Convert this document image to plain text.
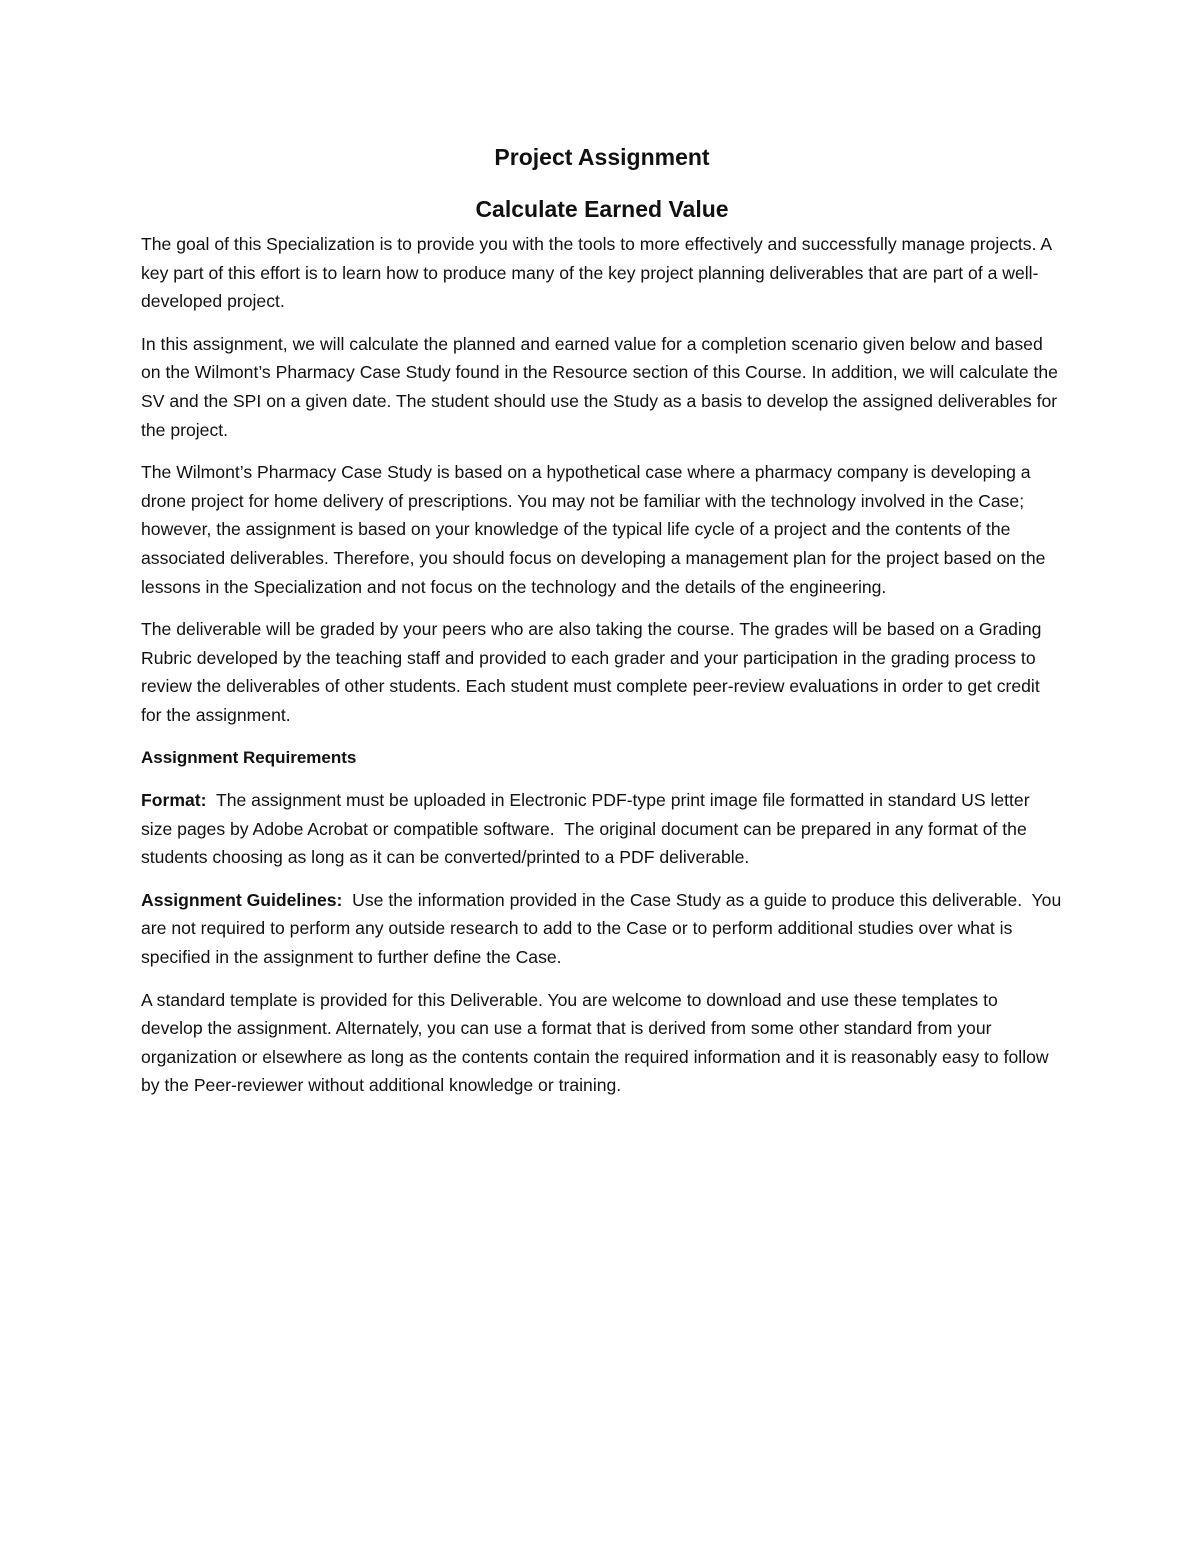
Project Assignment
Calculate Earned Value

The goal of this Specialization is to provide you with the tools to more effectively and successfully manage projects. A key part of this effort is to learn how to produce many of the key project planning deliverables that are part of a well-developed project.

In this assignment, we will calculate the planned and earned value for a completion scenario given below and based on the Wilmont’s Pharmacy Case Study found in the Resource section of this Course. In addition, we will calculate the SV and the SPI on a given date. The student should use the Study as a basis to develop the assigned deliverables for the project.

The Wilmont’s Pharmacy Case Study is based on a hypothetical case where a pharmacy company is developing a drone project for home delivery of prescriptions. You may not be familiar with the technology involved in the Case; however, the assignment is based on your knowledge of the typical life cycle of a project and the contents of the associated deliverables. Therefore, you should focus on developing a management plan for the project based on the lessons in the Specialization and not focus on the technology and the details of the engineering.

The deliverable will be graded by your peers who are also taking the course. The grades will be based on a Grading Rubric developed by the teaching staff and provided to each grader and your participation in the grading process to review the deliverables of other students. Each student must complete peer-review evaluations in order to get credit for the assignment.

Assignment Requirements

Format:  The assignment must be uploaded in Electronic PDF-type print image file formatted in standard US letter size pages by Adobe Acrobat or compatible software.  The original document can be prepared in any format of the students choosing as long as it can be converted/printed to a PDF deliverable.

Assignment Guidelines:  Use the information provided in the Case Study as a guide to produce this deliverable.  You are not required to perform any outside research to add to the Case or to perform additional studies over what is specified in the assignment to further define the Case.

A standard template is provided for this Deliverable. You are welcome to download and use these templates to develop the assignment. Alternately, you can use a format that is derived from some other standard from your organization or elsewhere as long as the contents contain the required information and it is reasonably easy to follow by the Peer-reviewer without additional knowledge or training.
